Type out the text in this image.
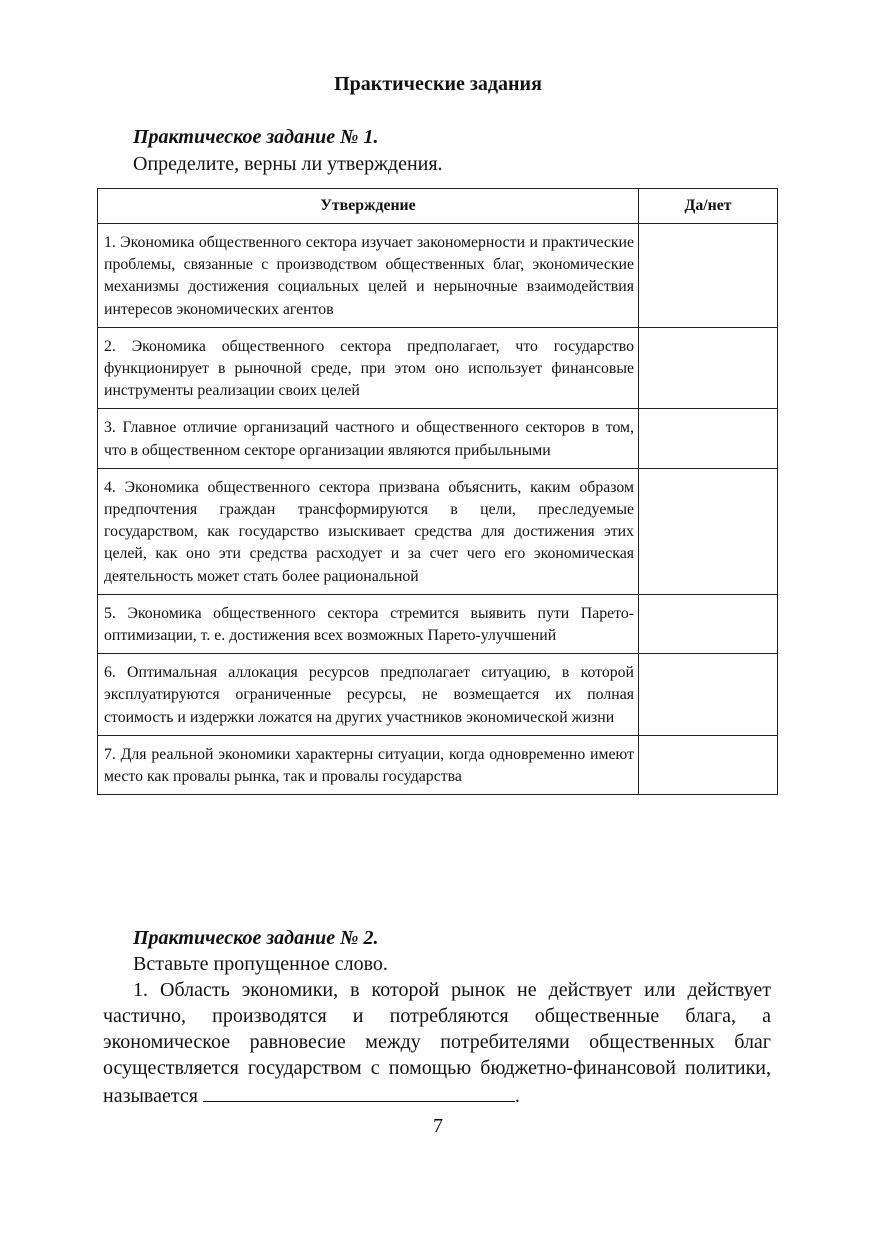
Практические задания

Практическое задание № 1.

Определите, верны ли утверждения.

Утверждение	Да/нет
1. Экономика общественного сектора изучает закономерности и практические проблемы, связанные с производством общественных благ, экономические механизмы достижения социальных целей и нерыночные взаимодействия интересов экономических агентов	
2. Экономика общественного сектора предполагает, что государство функционирует в рыночной среде, при этом оно использует финансовые инструменты реализации своих целей	
3. Главное отличие организаций частного и общественного секторов в том, что в общественном секторе организации являются прибыльными	
4. Экономика общественного сектора призвана объяснить, каким образом предпочтения граждан трансформируются в цели, преследуемые государством, как государство изыскивает средства для достижения этих целей, как оно эти средства расходует и за счет чего его экономическая деятельность может стать более рациональной	
5. Экономика общественного сектора стремится выявить пути Парето-оптимизации, т. е. достижения всех возможных Парето-улучшений	
6. Оптимальная аллокация ресурсов предполагает ситуацию, в которой эксплуатируются ограниченные ресурсы, не возмещается их полная стоимость и издержки ложатся на других участников экономической жизни	
7. Для реальной экономики характерны ситуации, когда одновременно имеют место как провалы рынка, так и провалы государства	

Практическое задание № 2.

Вставьте пропущенное слово.

1. Область экономики, в которой рынок не действует или действует частично, производятся и потребляются общественные блага, а экономическое равновесие между потребителями общественных благ осуществляется государством с помощью бюджетно-финансовой политики, называется	.

7
